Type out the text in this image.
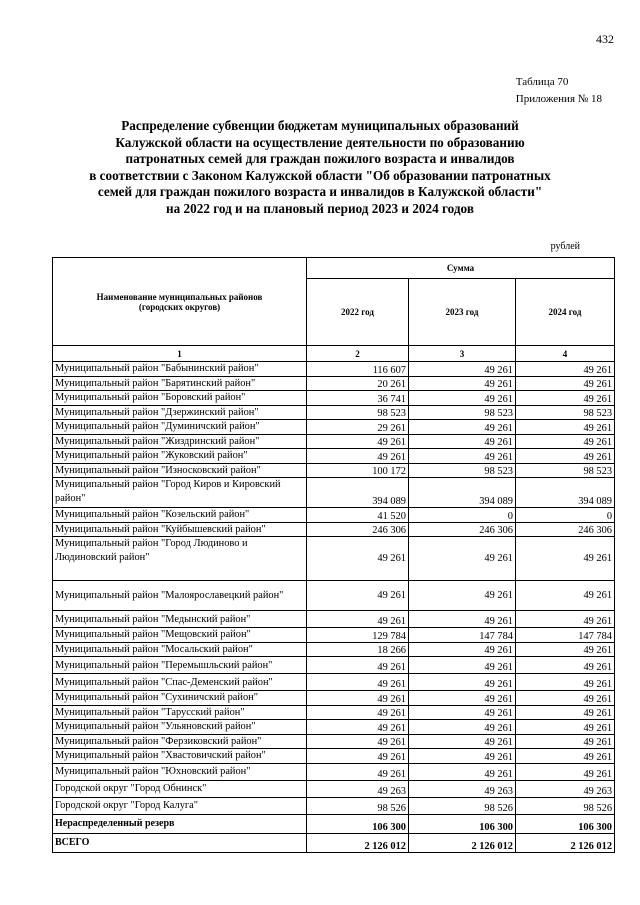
432
Таблица 70
Приложения № 18
Распределение субвенции бюджетам муниципальных образований
Калужской области на осуществление деятельности по образованию
патронатных семей для граждан пожилого возраста и инвалидов
в соответствии с Законом Калужской области "Об образовании патронатных
семей для граждан пожилого возраста и инвалидов в Калужской области"
на 2022 год и на плановый период 2023 и 2024 годов
рублей
Наименование муниципальных районов (городских округов)	Сумма		
	2022 год	2023 год	2024 год
1	2	3	4
Муниципальный район "Бабынинский район"	116 607	49 261	49 261
Муниципальный район "Барятинский район"	20 261	49 261	49 261
Муниципальный район "Боровский район"	36 741	49 261	49 261
Муниципальный район "Дзержинский район"	98 523	98 523	98 523
Муниципальный район "Думиничский район"	29 261	49 261	49 261
Муниципальный район "Жиздринский район"	49 261	49 261	49 261
Муниципальный район "Жуковский район"	49 261	49 261	49 261
Муниципальный район "Износковский район"	100 172	98 523	98 523
Муниципальный район "Город Киров и Кировский район"	394 089	394 089	394 089
Муниципальный район "Козельский район"	41 520	0	0
Муниципальный район "Куйбышевский район"	246 306	246 306	246 306
Муниципальный район "Город Людиново и Людиновский район"	49 261	49 261	49 261
Муниципальный район "Малоярославецкий район"	49 261	49 261	49 261
Муниципальный район "Медынский район"	49 261	49 261	49 261
Муниципальный район "Мещовский район"	129 784	147 784	147 784
Муниципальный район "Мосальский район"	18 266	49 261	49 261
Муниципальный район "Перемышльский район"	49 261	49 261	49 261
Муниципальный район "Спас-Деменский район"	49 261	49 261	49 261
Муниципальный район "Сухиничский район"	49 261	49 261	49 261
Муниципальный район "Тарусский район"	49 261	49 261	49 261
Муниципальный район "Ульяновский район"	49 261	49 261	49 261
Муниципальный район "Ферзиковский район"	49 261	49 261	49 261
Муниципальный район "Хвастовичский район"	49 261	49 261	49 261
Муниципальный район "Юхновский район"	49 261	49 261	49 261
Городской округ "Город Обнинск"	49 263	49 263	49 263
Городской округ "Город Калуга"	98 526	98 526	98 526
Нераспределенный резерв	106 300	106 300	106 300
ВСЕГО	2 126 012	2 126 012	2 126 012
